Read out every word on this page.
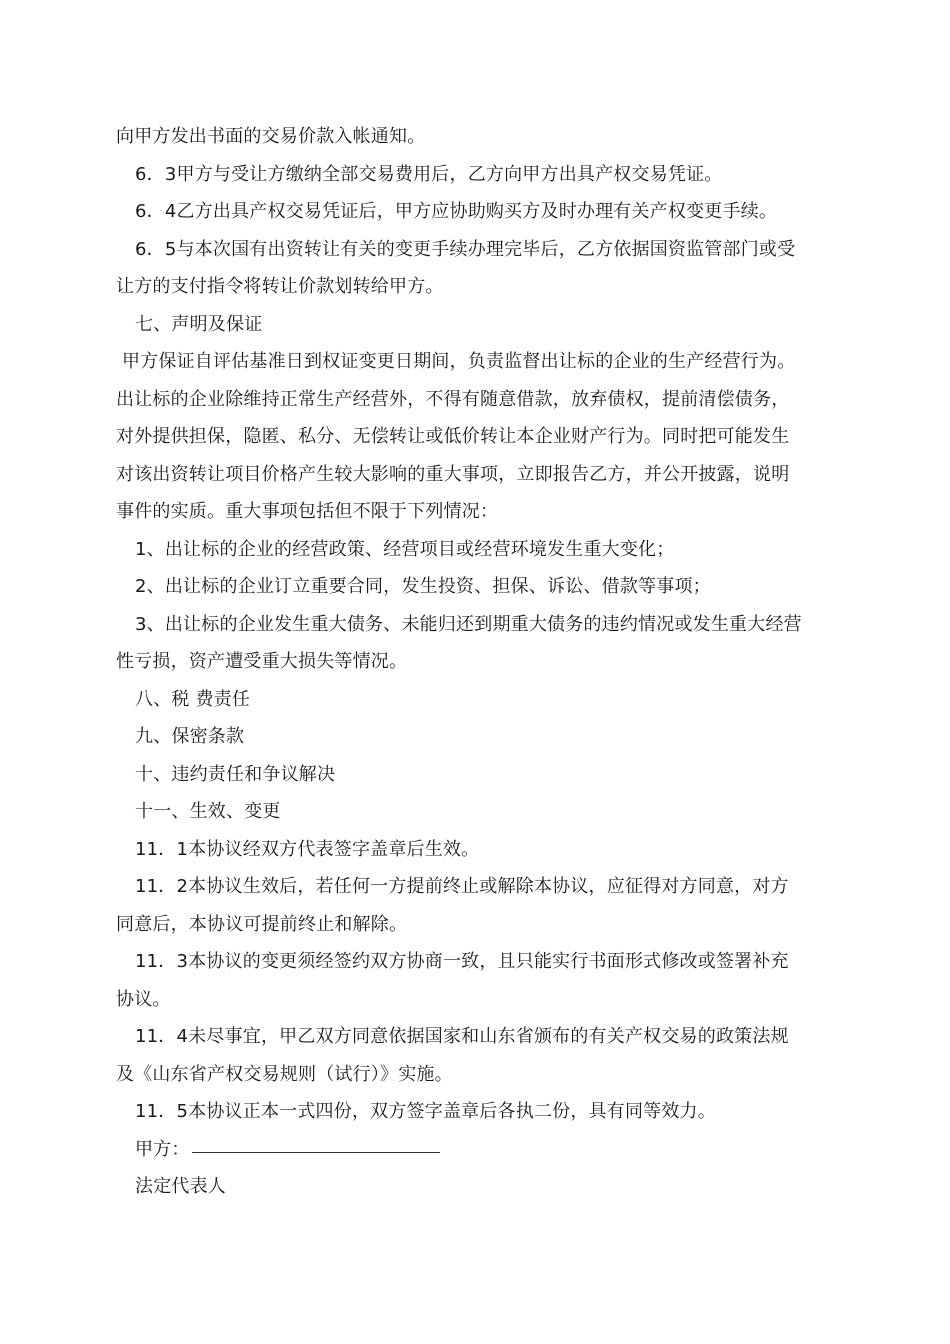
向甲方发出书面的交易价款入帐通知。
6．3甲方与受让方缴纳全部交易费用后，乙方向甲方出具产权交易凭证。
6．4乙方出具产权交易凭证后，甲方应协助购买方及时办理有关产权变更手续。
6．5与本次国有出资转让有关的变更手续办理完毕后，乙方依据国资监管部门或受
让方的支付指令将转让价款划转给甲方。
七、声明及保证
甲方保证自评估基准日到权证变更日期间，负责监督出让标的企业的生产经营行为。
出让标的企业除维持正常生产经营外，不得有随意借款，放弃债权，提前清偿债务，
对外提供担保，隐匿、私分、无偿转让或低价转让本企业财产行为。同时把可能发生
对该出资转让项目价格产生较大影响的重大事项，立即报告乙方，并公开披露，说明
事件的实质。重大事项包括但不限于下列情况：
1、出让标的企业的经营政策、经营项目或经营环境发生重大变化；
2、出让标的企业订立重要合同，发生投资、担保、诉讼、借款等事项；
3、出让标的企业发生重大债务、未能归还到期重大债务的违约情况或发生重大经营
性亏损，资产遭受重大损失等情况。
八、税 费责任
九、保密条款
十、违约责任和争议解决
十一、生效、变更
11．1本协议经双方代表签字盖章后生效。
11．2本协议生效后，若任何一方提前终止或解除本协议，应征得对方同意，对方
同意后，本协议可提前终止和解除。
11．3本协议的变更须经签约双方协商一致，且只能实行书面形式修改或签署补充
协议。
11．4未尽事宜，甲乙双方同意依据国家和山东省颁布的有关产权交易的政策法规
及《山东省产权交易规则（试行）》实施。
11．5本协议正本一式四份，双方签字盖章后各执二份，具有同等效力。
甲方：
法定代表人
